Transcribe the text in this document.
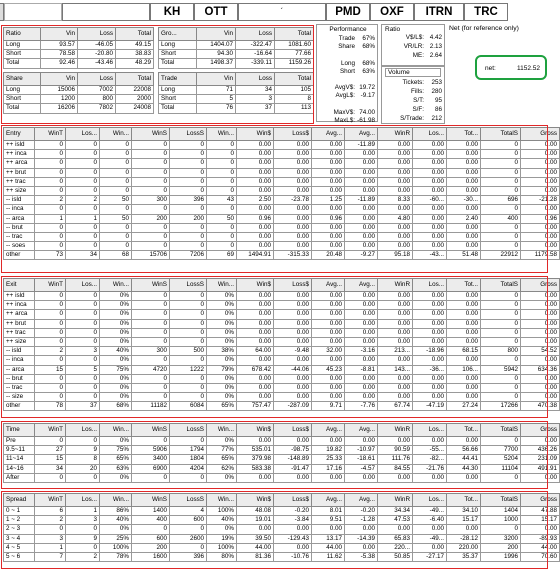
KH	OTT	´	PMD	OXF	ITRN	TRC
Ratio	Vin	Loss	Total
Long	93.57	-46.05	49.15
Short	78.58	-20.80	38.83
Total	92.46	-43.46	48.29
Gro...	Vin	Loss	Total
Long	1404.07	-322.47	1081.60
Short	94.30	-16.64	77.66
Total	1498.37	-339.11	1159.26
Share	Vin	Loss	Total
Long	15006	7002	22008
Short	1200	800	2000
Total	16206	7802	24008
Trade	Vin	Loss	Total
Long	71	34	105
Short	5	3	8
Total	76	37	113
Performance
Trade 67%
Share 68%
Long 68%
Short 63%
AvgV$: 19.72
AvgL$: -9.17
MaxV$: 74.00
MaxL$: -61.98
Ratio
V$/L$: 4.42
VR/LR: 2.13
ME: 2.64
Volume
Tickets: 253
Fills: 280
S/T: 95
S/F: 86
S/Trade: 212
Net (for reference only)
net:	1152.52
Entry	WinT	Los...	Win...	WinS	LossS	Win...	Win$	Loss$	Avg...	Avg...	WinR	Los...	Tot...	TotalS	Gross
++ isld	0	0	0	0	0	0	0.00	0.00	0.00	-11.89	0.00	0.00	0.00	0	0.00
++ inca	0	0	0	0	0	0	0.00	0.00	0.00	0.00	0.00	0.00	0.00	0	0.00
++ arca	0	0	0	0	0	0	0.00	0.00	0.00	0.00	0.00	0.00	0.00	0	0.00
++ brut	0	0	0	0	0	0	0.00	0.00	0.00	0.00	0.00	0.00	0.00	0	0.00
++ trac	0	0	0	0	0	0	0.00	0.00	0.00	0.00	0.00	0.00	0.00	0	0.00
++ size	0	0	0	0	0	0	0.00	0.00	0.00	0.00	0.00	0.00	0.00	0	0.00
-- isld	2	2	50	300	396	43	2.50	-23.78	1.25	-11.89	8.33	-60...	-30...	696	-21.28
-- inca	0	0	0	0	0	0	0.00	0.00	0.00	0.00	0.00	0.00	0.00	0	0.00
-- arca	1	1	50	200	200	50	0.96	0.00	0.96	0.00	4.80	0.00	2.40	400	0.96
-- brut	0	0	0	0	0	0	0.00	0.00	0.00	0.00	0.00	0.00	0.00	0	0.00
-- trac	0	0	0	0	0	0	0.00	0.00	0.00	0.00	0.00	0.00	0.00	0	0.00
-- soes	0	0	0	0	0	0	0.00	0.00	0.00	0.00	0.00	0.00	0.00	0	0.00
other	73	34	68	15706	7206	69	1494.91	-315.33	20.48	-9.27	95.18	-43...	51.48	22912	1179.58
Exit	WinT	Los...	Win...	WinS	LossS	Win...	Win$	Loss$	Avg...	Avg...	WinR	Los...	Tot...	TotalS	Gross
++ isld	0	0	0%	0	0	0%	0.00	0.00	0.00	0.00	0.00	0.00	0.00	0	0.00
++ inca	0	0	0%	0	0	0%	0.00	0.00	0.00	0.00	0.00	0.00	0.00	0	0.00
++ arca	0	0	0%	0	0	0%	0.00	0.00	0.00	0.00	0.00	0.00	0.00	0	0.00
++ brut	0	0	0%	0	0	0%	0.00	0.00	0.00	0.00	0.00	0.00	0.00	0	0.00
++ trac	0	0	0%	0	0	0%	0.00	0.00	0.00	0.00	0.00	0.00	0.00	0	0.00
++ size	0	0	0%	0	0	0%	0.00	0.00	0.00	0.00	0.00	0.00	0.00	0	0.00
-- isld	2	3	40%	300	500	38%	64.00	-9.48	32.00	-3.16	213...	-18.96	68.15	800	54.52
-- inca	0	0	0%	0	0	0%	0.00	0.00	0.00	0.00	0.00	0.00	0.00	0	0.00
-- arca	15	5	75%	4720	1222	79%	678.42	-44.06	45.23	-8.81	143...	-36...	106...	5942	634.36
-- brut	0	0	0%	0	0	0%	0.00	0.00	0.00	0.00	0.00	0.00	0.00	0	0.00
-- trac	0	0	0%	0	0	0%	0.00	0.00	0.00	0.00	0.00	0.00	0.00	0	0.00
-- size	0	0	0%	0	0	0%	0.00	0.00	0.00	0.00	0.00	0.00	0.00	0	0.00
other	78	37	68%	11182	6084	65%	757.47	-287.09	9.71	-7.76	67.74	-47.19	27.24	17266	470.38
Time	WinT	Los...	Win...	WinS	LossS	Win...	Win$	Loss$	Avg...	Avg...	WinR	Los...	Tot...	TotalS	Gross
Pre	0	0	0%	0	0	0%	0.00	0.00	0.00	0.00	0.00	0.00	0.00	0	0.00
9.5~11	27	9	75%	5906	1794	77%	535.01	-98.75	19.82	-10.97	90.59	-55...	56.66	7700	436.26
11~14	15	8	65%	3400	1804	65%	379.98	-148.89	25.33	-18.61	111.76	-82...	44.41	5204	231.09
14~16	34	20	63%	6900	4204	62%	583.38	-91.47	17.16	-4.57	84.55	-21.76	44.30	11104	491.91
After	0	0	0%	0	0	0%	0.00	0.00	0.00	0.00	0.00	0.00	0.00	0	0.00
Spread	WinT	Los...	Win...	WinS	LossS	Win...	Win$	Loss$	Avg...	Avg...	WinR	Los...	Tot...	TotalS	Gross
0 ~ 1	6	1	86%	1400	4	100%	48.08	-0.20	8.01	-0.20	34.34	-49...	34.10	1404	47.88
1 ~ 2	2	3	40%	400	600	40%	19.01	-3.84	9.51	-1.28	47.53	-6.40	15.17	1000	15.17
2 ~ 3	0	0	0%	0	0	0%	0.00	0.00	0.00	0.00	0.00	0.00	0.00	0	0.00
3 ~ 4	3	9	25%	600	2600	19%	39.50	-129.43	13.17	-14.39	65.83	-49...	-28.12	3200	-89.93
4 ~ 5	1	0	100%	200	0	100%	44.00	0.00	44.00	0.00	220...	0.00	220.00	200	44.00
5 ~ 6	7	2	78%	1600	396	80%	81.36	-10.76	11.62	-5.38	50.85	-27.17	35.37	1996	70.60
